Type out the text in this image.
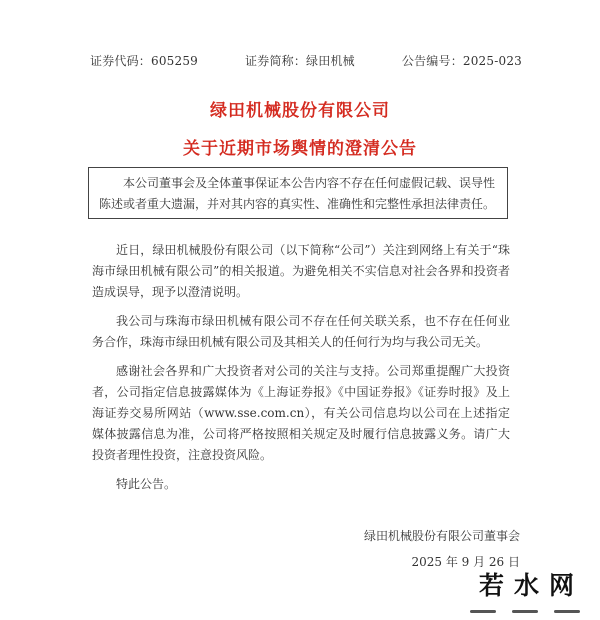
证券代码：605259	证券简称：绿田机械	公告编号：2025-023
绿田机械股份有限公司
关于近期市场舆情的澄清公告

本公司董事会及全体董事保证本公告内容不存在任何虚假记载、误导性陈述或者重大遗漏，并对其内容的真实性、准确性和完整性承担法律责任。

近日，绿田机械股份有限公司（以下简称“公司”）关注到网络上有关于“珠海市绿田机械有限公司”的相关报道。为避免相关不实信息对社会各界和投资者造成误导，现予以澄清说明。

我公司与珠海市绿田机械有限公司不存在任何关联关系，也不存在任何业务合作，珠海市绿田机械有限公司及其相关人的任何行为均与我公司无关。

感谢社会各界和广大投资者对公司的关注与支持。公司郑重提醒广大投资者，公司指定信息披露媒体为《上海证券报》《中国证券报》《证券时报》及上海证券交易所网站（www.sse.com.cn），有关公司信息均以公司在上述指定媒体披露信息为准，公司将严格按照相关规定及时履行信息披露义务。请广大投资者理性投资，注意投资风险。

特此公告。

绿田机械股份有限公司董事会
2025 年 9 月 26 日
若水网
